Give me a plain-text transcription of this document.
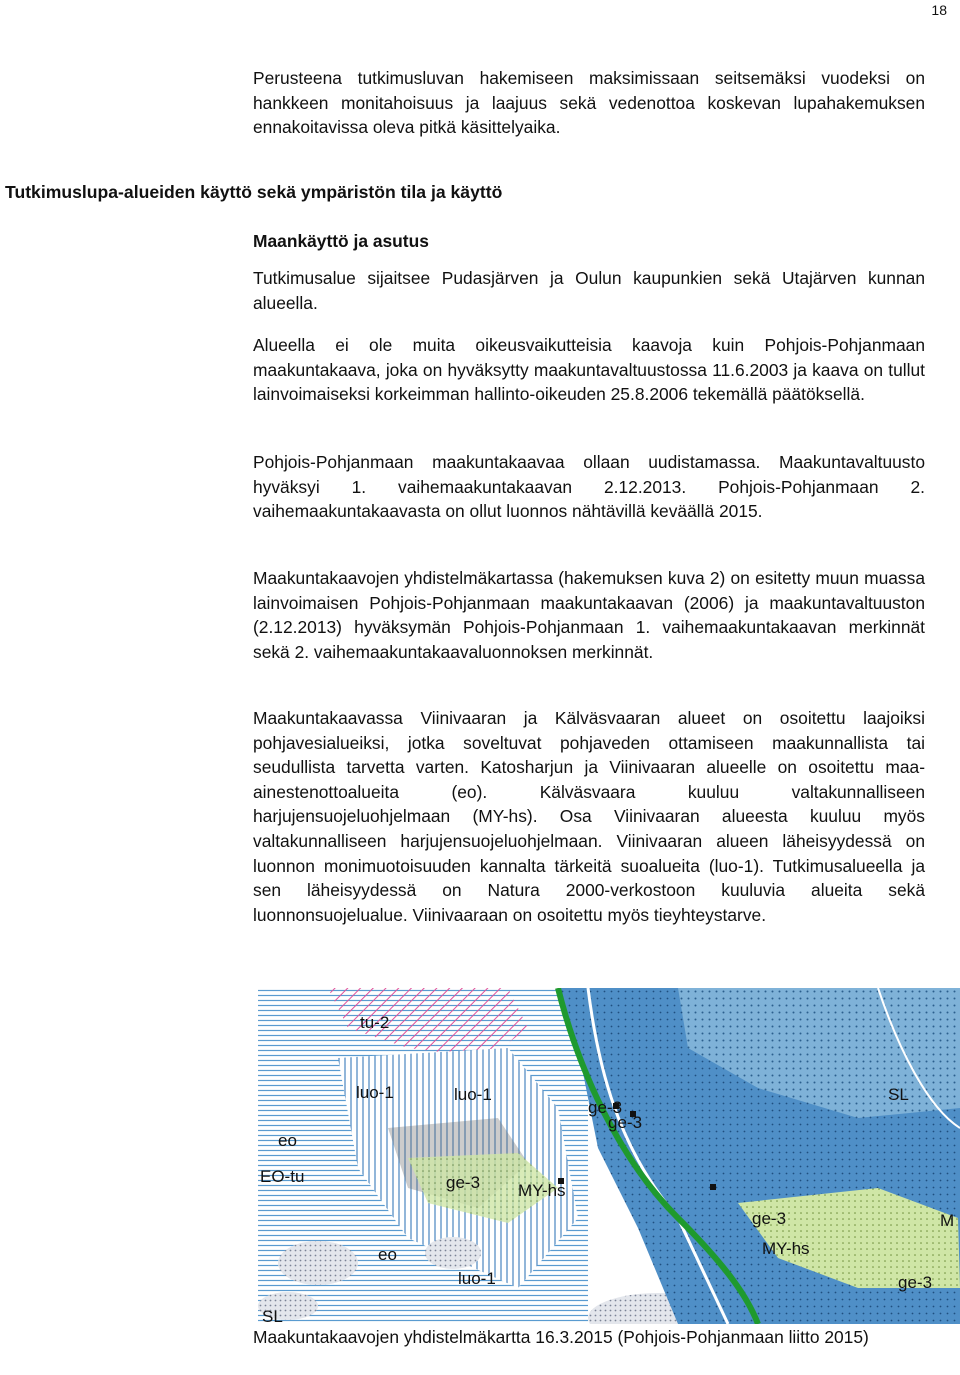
18

Perusteena tutkimusluvan hakemiseen maksimissaan seitsemäksi vuodeksi on hankkeen monitahoisuus ja laajuus sekä vedenottoa koskevan lupahakemuksen ennakoitavissa oleva pitkä käsittelyaika.

Tutkimuslupa-alueiden käyttö sekä ympäristön tila ja käyttö
Maankäyttö ja asutus

Tutkimusalue sijaitsee Pudasjärven ja Oulun kaupunkien sekä Utajärven kunnan alueella.

Alueella ei ole muita oikeusvaikutteisia kaavoja kuin Pohjois-Pohjanmaan maakuntakaava, joka on hyväksytty maakuntavaltuustossa 11.6.2003 ja kaava on tullut lainvoimaiseksi korkeimman hallinto-oikeuden 25.8.2006 tekemällä päätöksellä.

Pohjois-Pohjanmaan maakuntakaavaa ollaan uudistamassa. Maakuntavaltuusto hyväksyi 1. vaihemaakuntakaavan 2.12.2013. Pohjois-Pohjanmaan 2. vaihemaakuntakaavasta on ollut luonnos nähtävillä keväällä 2015.

Maakuntakaavojen yhdistelmäkartassa (hakemuksen kuva 2) on esitetty muun muassa lainvoimaisen Pohjois-Pohjanmaan maakuntakaavan (2006) ja maakuntavaltuuston (2.12.2013) hyväksymän Pohjois-Pohjanmaan 1. vaihemaakuntakaavan merkinnät sekä 2. vaihemaakuntakaavaluonnoksen merkinnät.

Maakuntakaavassa Viinivaaran ja Kälväsvaaran alueet on osoitettu laajoiksi pohjavesialueiksi, jotka soveltuvat pohjaveden ottamiseen maakunnallista tai seudullista tarvetta varten. Katosharjun ja Viinivaaran alueelle on osoitettu maa-ainestenottoalueita (eo). Kälväsvaara kuuluu valtakunnalliseen harjujensuojeluohjelmaan (MY-hs). Osa Viinivaaran alueesta kuuluu myös valtakunnalliseen harjujensuojeluohjelmaan. Viinivaaran alueen läheisyydessä on luonnon monimuotoisuuden kannalta tärkeitä suoalueita (luo-1). Tutkimusalueella ja sen läheisyydessä on Natura 2000-verkostoon kuuluvia alueita sekä luonnonsuojelualue. Viinivaaraan on osoitettu myös tieyhteystarve.

tu-2
luo-1	luo-1
eo
EO-tu	ge-3 MY-hs
eo
luo-1
ge-3
ge-3
ge-3
MY-hs
ge-3
SL
SL
M

Maakuntakaavojen yhdistelmäkartta 16.3.2015 (Pohjois-Pohjanmaan liitto 2015)
